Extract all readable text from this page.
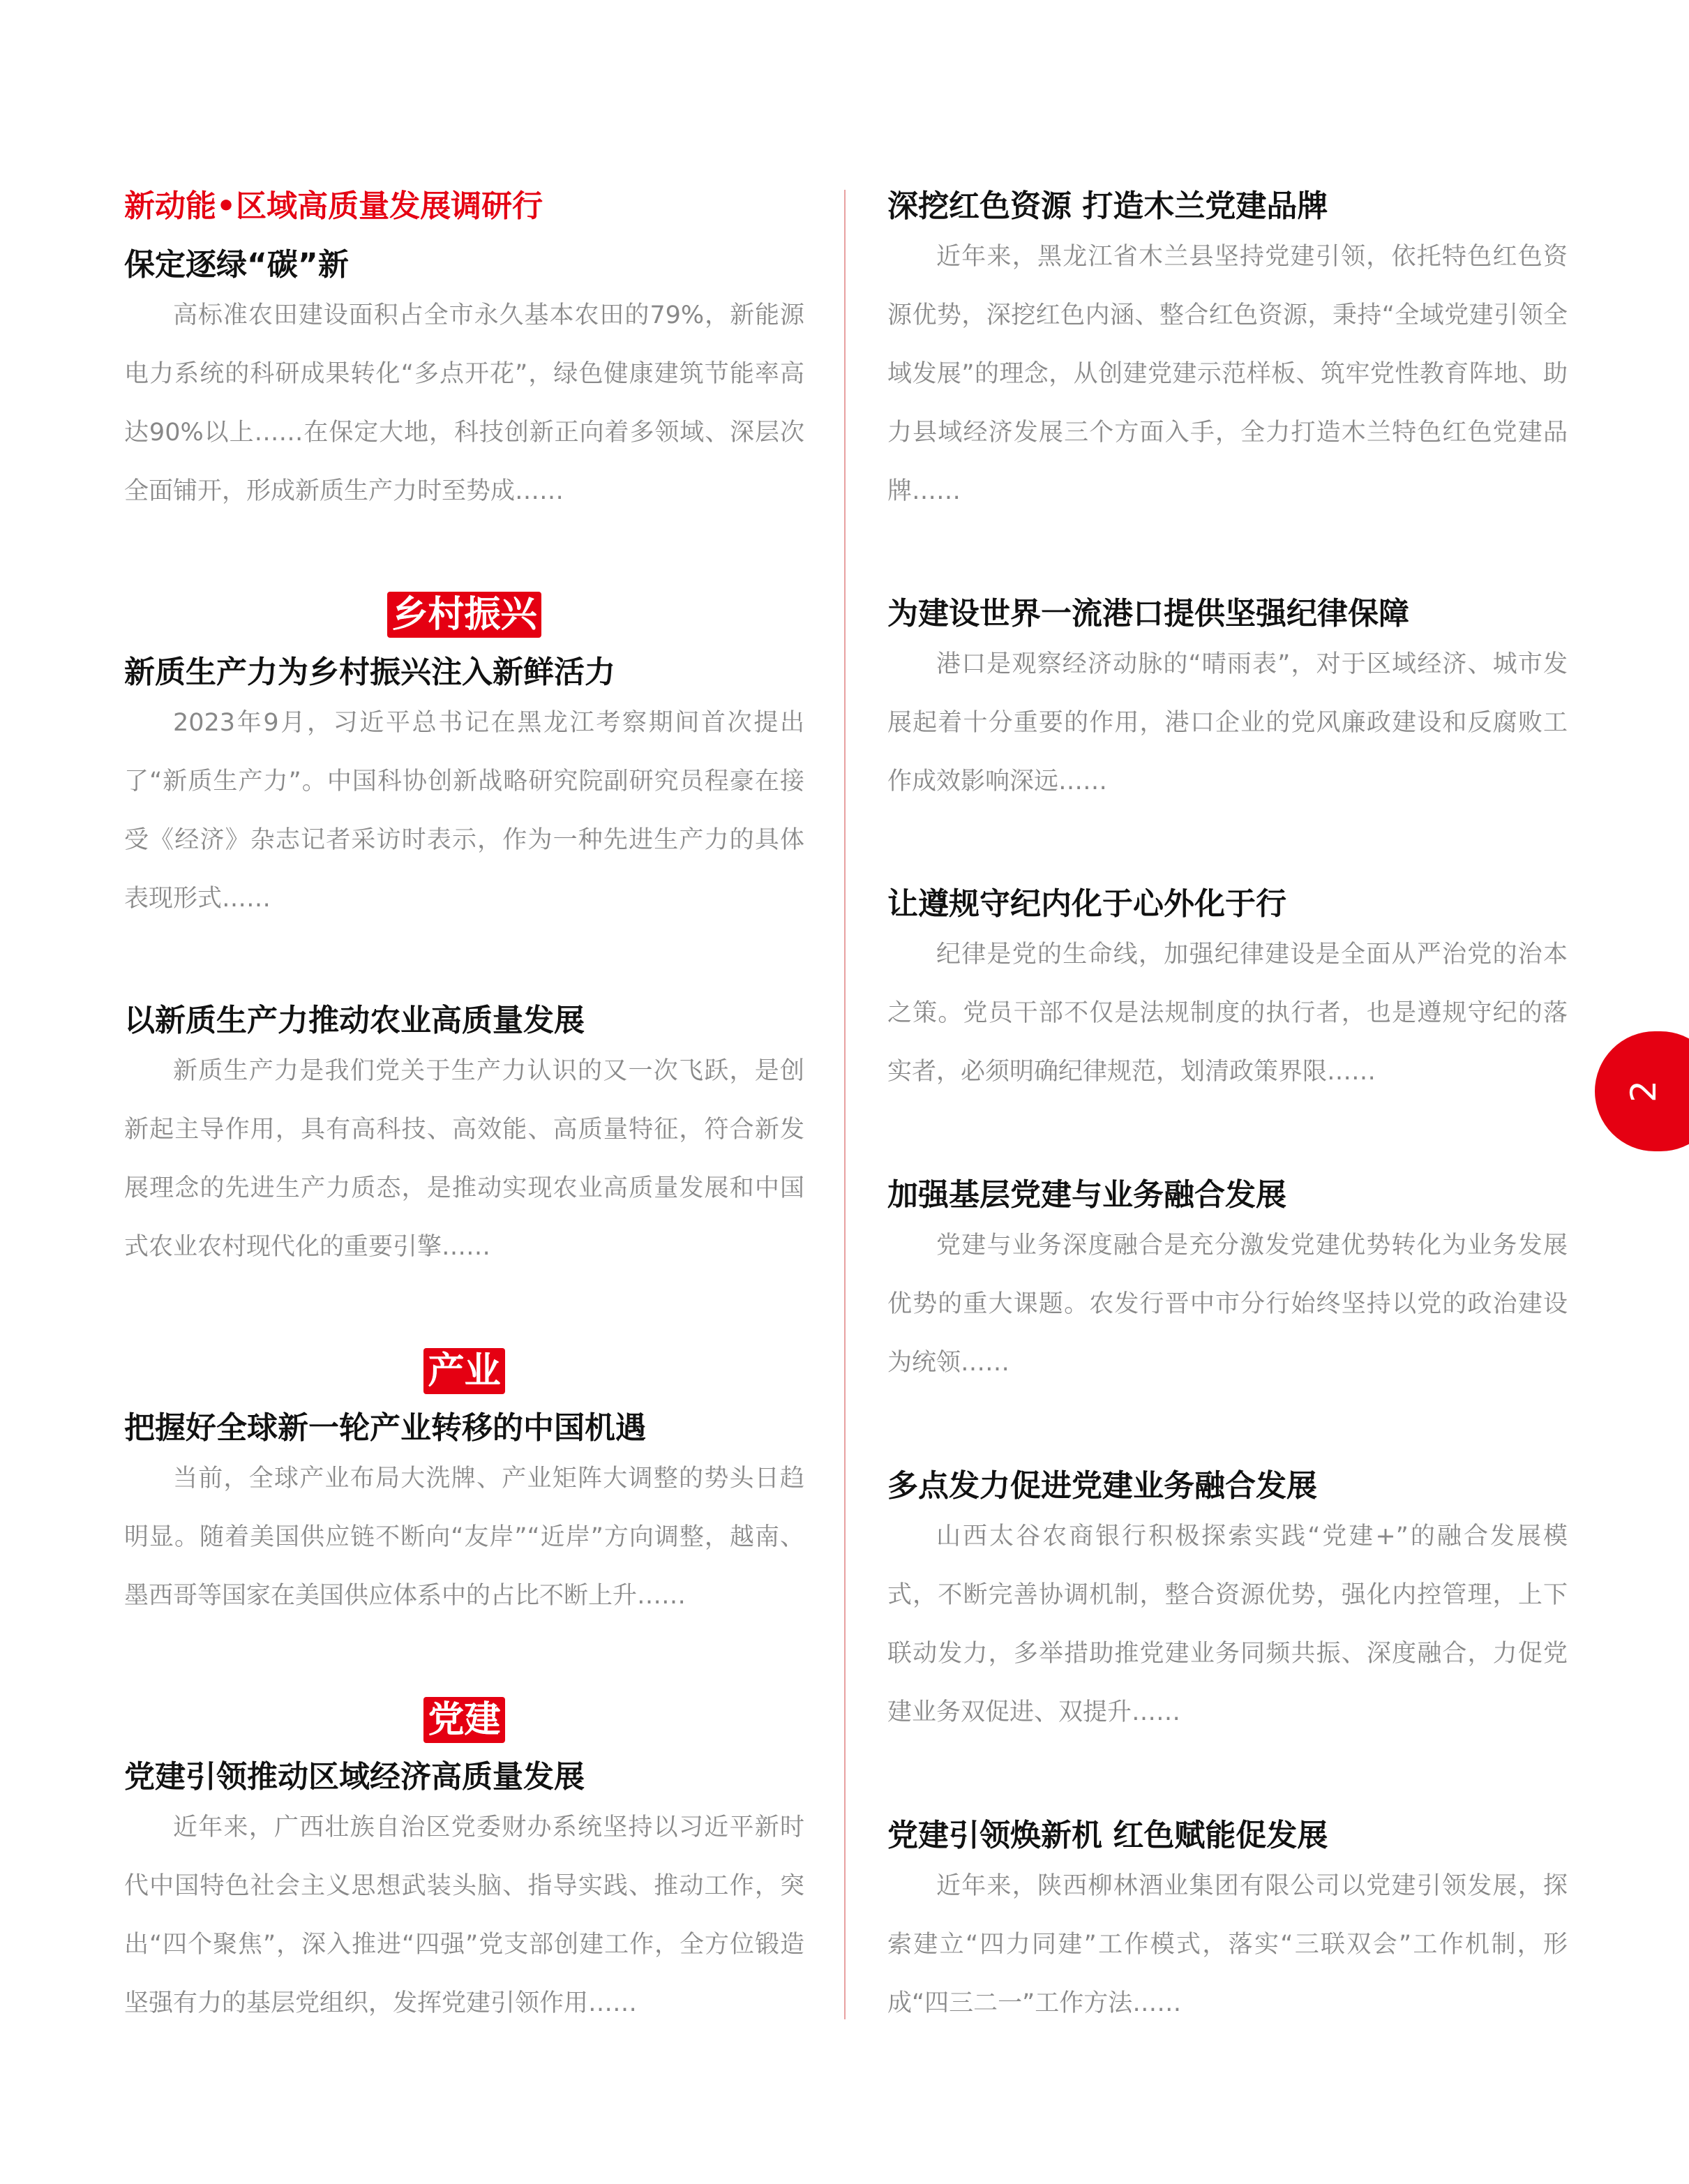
新动能•区域高质量发展调研行
保定逐绿“碳”新

高标准农田建设面积占全市永久基本农田的79%，新能源电力系统的科研成果转化“多点开花”，绿色健康建筑节能率高达90%以上……在保定大地，科技创新正向着多领域、深层次全面铺开，形成新质生产力时至势成……

乡村振兴
新质生产力为乡村振兴注入新鲜活力

2023年9月，习近平总书记在黑龙江考察期间首次提出了“新质生产力”。中国科协创新战略研究院副研究员程豪在接受《经济》杂志记者采访时表示，作为一种先进生产力的具体表现形式……

以新质生产力推动农业高质量发展

新质生产力是我们党关于生产力认识的又一次飞跃，是创新起主导作用，具有高科技、高效能、高质量特征，符合新发展理念的先进生产力质态，是推动实现农业高质量发展和中国式农业农村现代化的重要引擎……

产业
把握好全球新一轮产业转移的中国机遇

当前，全球产业布局大洗牌、产业矩阵大调整的势头日趋明显。随着美国供应链不断向“友岸”“近岸”方向调整，越南、墨西哥等国家在美国供应体系中的占比不断上升……

党建
党建引领推动区域经济高质量发展

近年来，广西壮族自治区党委财办系统坚持以习近平新时代中国特色社会主义思想武装头脑、指导实践、推动工作，突出“四个聚焦”，深入推进“四强”党支部创建工作，全方位锻造坚强有力的基层党组织，发挥党建引领作用……

深挖红色资源 打造木兰党建品牌

近年来，黑龙江省木兰县坚持党建引领，依托特色红色资源优势，深挖红色内涵、整合红色资源，秉持“全域党建引领全域发展”的理念，从创建党建示范样板、筑牢党性教育阵地、助力县域经济发展三个方面入手，全力打造木兰特色红色党建品牌……

为建设世界一流港口提供坚强纪律保障

港口是观察经济动脉的“晴雨表”，对于区域经济、城市发展起着十分重要的作用，港口企业的党风廉政建设和反腐败工作成效影响深远……

让遵规守纪内化于心外化于行

纪律是党的生命线，加强纪律建设是全面从严治党的治本之策。党员干部不仅是法规制度的执行者，也是遵规守纪的落实者，必须明确纪律规范，划清政策界限……

加强基层党建与业务融合发展

党建与业务深度融合是充分激发党建优势转化为业务发展优势的重大课题。农发行晋中市分行始终坚持以党的政治建设为统领……

多点发力促进党建业务融合发展

山西太谷农商银行积极探索实践“党建+”的融合发展模式，不断完善协调机制，整合资源优势，强化内控管理，上下联动发力，多举措助推党建业务同频共振、深度融合，力促党建业务双促进、双提升……

党建引领焕新机 红色赋能促发展

近年来，陕西柳林酒业集团有限公司以党建引领发展，探索建立“四力同建”工作模式，落实“三联双会”工作机制，形成“四三二一”工作方法……

2
